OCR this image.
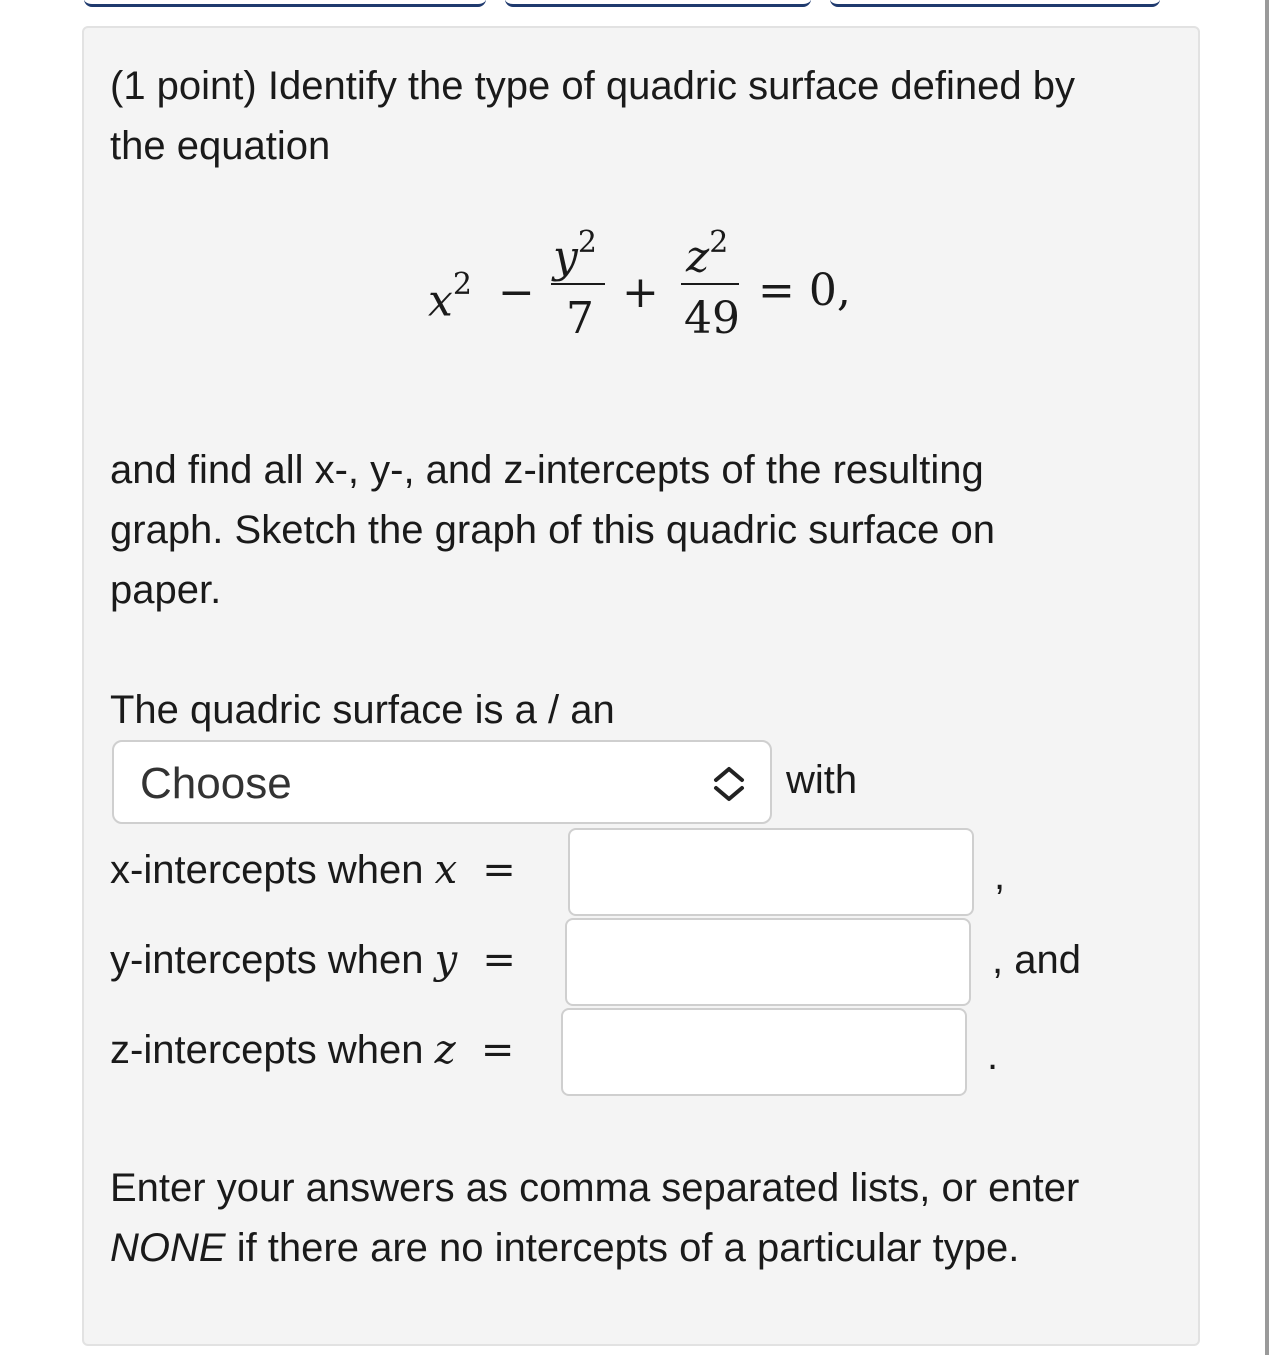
(1 point) Identify the type of quadric surface defined by
the equation
$x^2$ −
$y^2$
7
+
$z^2$
49
= 0,
and find all x-, y-, and z-intercepts of the resulting
graph. Sketch the graph of this quadric surface on
paper.
The quadric surface is a / an
Choose	with
x-intercepts when x =	,
y-intercepts when y =	, and
z-intercepts when z =	.
Enter your answers as comma separated lists, or enter
NONE if there are no intercepts of a particular type.
